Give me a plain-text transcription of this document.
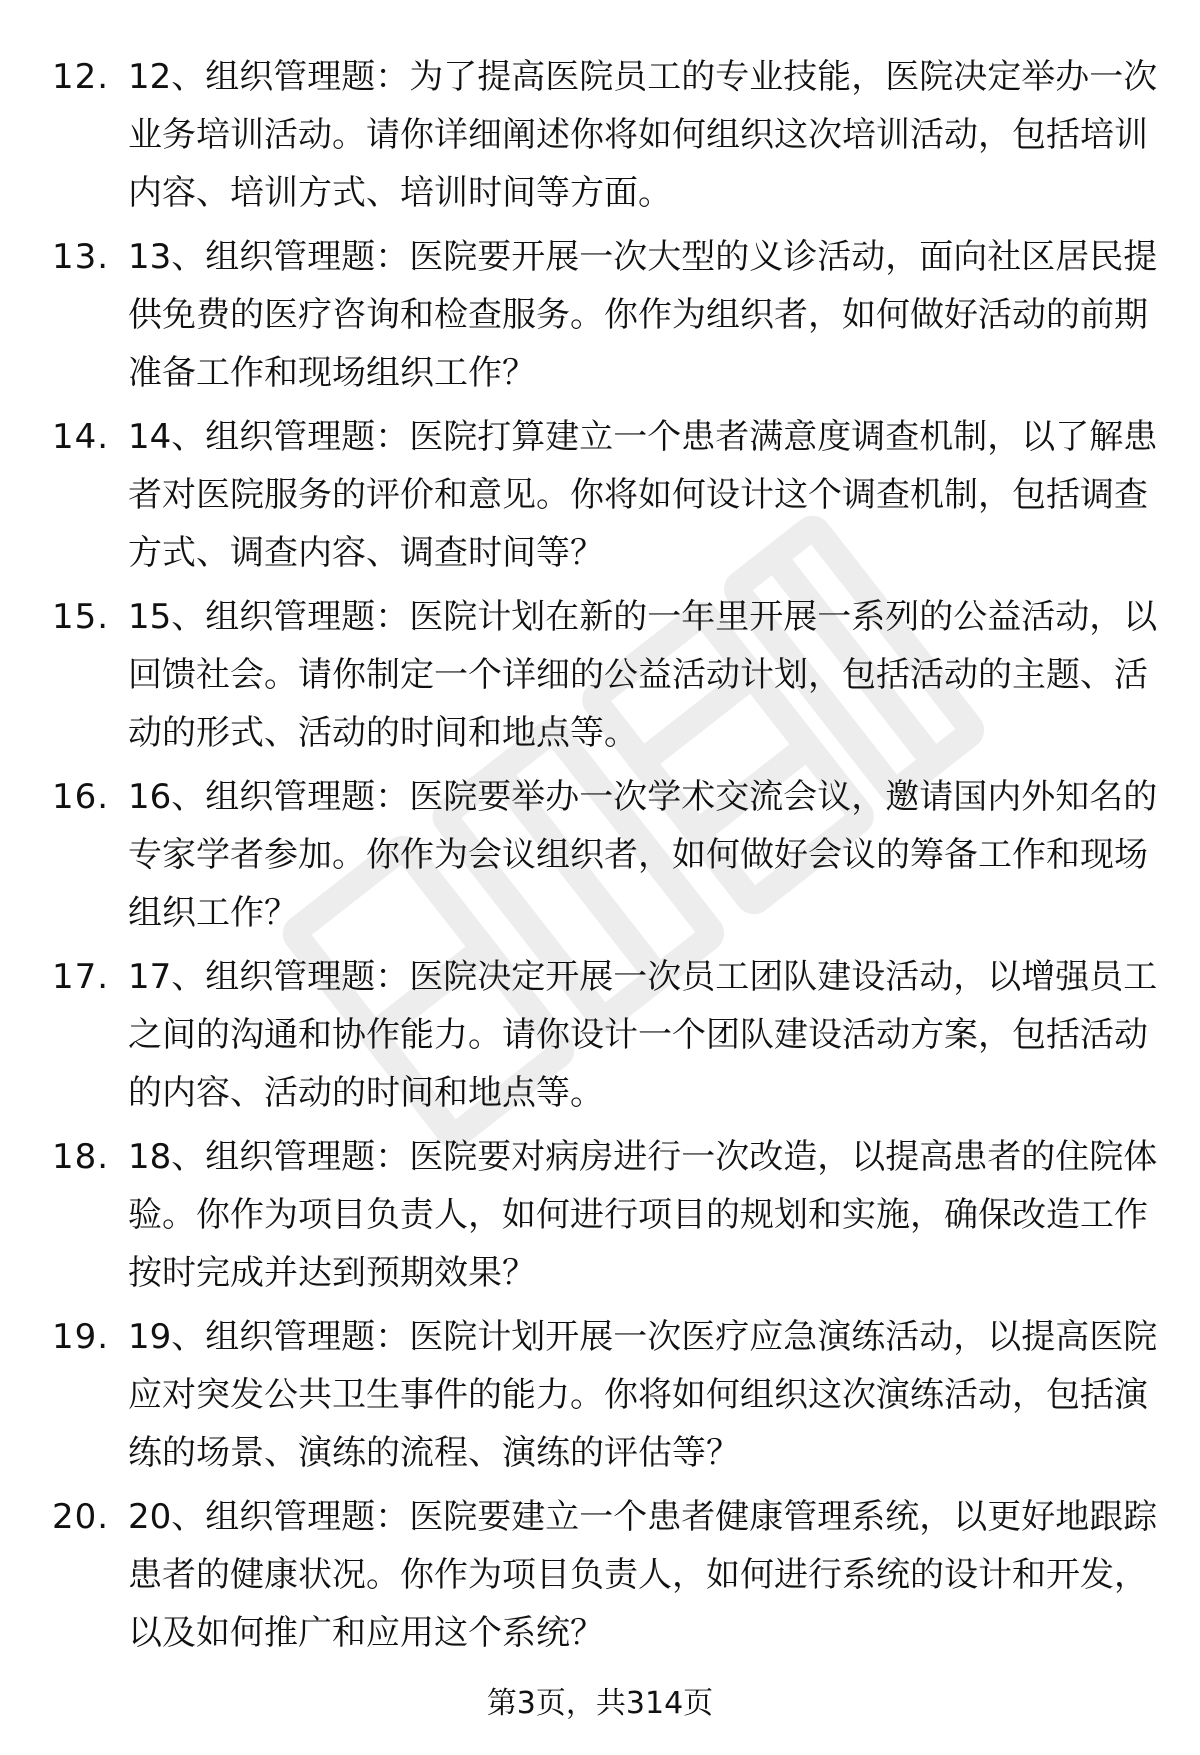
12. 12、组织管理题：为了提高医院员工的专业技能，医院决定举办一次业务培训活动。请你详细阐述你将如何组织这次培训活动，包括培训内容、培训方式、培训时间等方面。
13. 13、组织管理题：医院要开展一次大型的义诊活动，面向社区居民提供免费的医疗咨询和检查服务。你作为组织者，如何做好活动的前期准备工作和现场组织工作？
14. 14、组织管理题：医院打算建立一个患者满意度调查机制，以了解患者对医院服务的评价和意见。你将如何设计这个调查机制，包括调查方式、调查内容、调查时间等？
15. 15、组织管理题：医院计划在新的一年里开展一系列的公益活动，以回馈社会。请你制定一个详细的公益活动计划，包括活动的主题、活动的形式、活动的时间和地点等。
16. 16、组织管理题：医院要举办一次学术交流会议，邀请国内外知名的专家学者参加。你作为会议组织者，如何做好会议的筹备工作和现场组织工作？
17. 17、组织管理题：医院决定开展一次员工团队建设活动，以增强员工之间的沟通和协作能力。请你设计一个团队建设活动方案，包括活动的内容、活动的时间和地点等。
18. 18、组织管理题：医院要对病房进行一次改造，以提高患者的住院体验。你作为项目负责人，如何进行项目的规划和实施，确保改造工作按时完成并达到预期效果？
19. 19、组织管理题：医院计划开展一次医疗应急演练活动，以提高医院应对突发公共卫生事件的能力。你将如何组织这次演练活动，包括演练的场景、演练的流程、演练的评估等？
20. 20、组织管理题：医院要建立一个患者健康管理系统，以更好地跟踪患者的健康状况。你作为项目负责人，如何进行系统的设计和开发，以及如何推广和应用这个系统？
第3页，共314页
